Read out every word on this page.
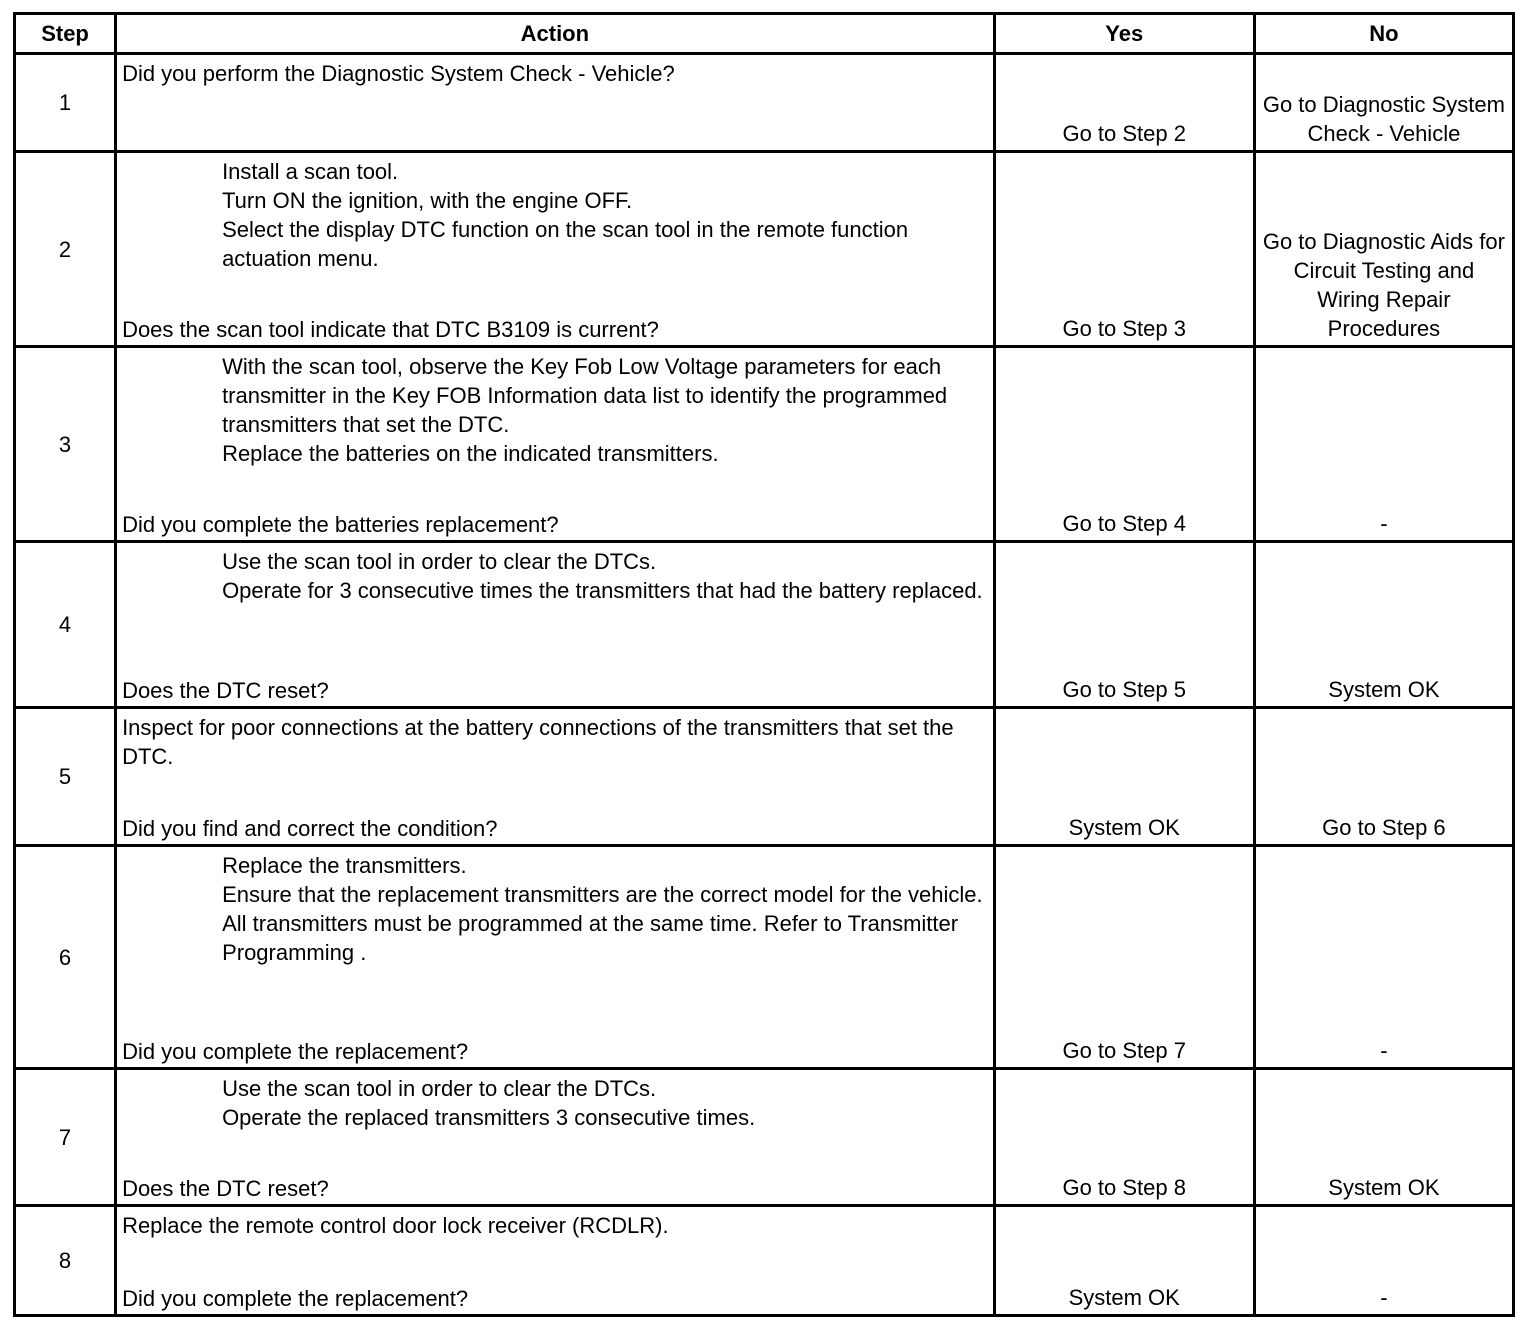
Step	Action	Yes	No
1	Did you perform the Diagnostic System Check - Vehicle?	Go to Step 2	Go to Diagnostic System Check - Vehicle
2	Install a scan tool.
Turn ON the ignition, with the engine OFF.
Select the display DTC function on the scan tool in the remote function actuation menu.
Does the scan tool indicate that DTC B3109 is current?	Go to Step 3	Go to Diagnostic Aids for Circuit Testing and Wiring Repair Procedures
3	With the scan tool, observe the Key Fob Low Voltage parameters for each transmitter in the Key FOB Information data list to identify the programmed transmitters that set the DTC.
Replace the batteries on the indicated transmitters.
Did you complete the batteries replacement?	Go to Step 4	-
4	Use the scan tool in order to clear the DTCs.
Operate for 3 consecutive times the transmitters that had the battery replaced.
Does the DTC reset?	Go to Step 5	System OK
5	Inspect for poor connections at the battery connections of the transmitters that set the DTC.
Did you find and correct the condition?	System OK	Go to Step 6
6	Replace the transmitters.
Ensure that the replacement transmitters are the correct model for the vehicle.
All transmitters must be programmed at the same time. Refer to Transmitter Programming .
Did you complete the replacement?	Go to Step 7	-
7	Use the scan tool in order to clear the DTCs.
Operate the replaced transmitters 3 consecutive times.
Does the DTC reset?	Go to Step 8	System OK
8	Replace the remote control door lock receiver (RCDLR).
Did you complete the replacement?	System OK	-
